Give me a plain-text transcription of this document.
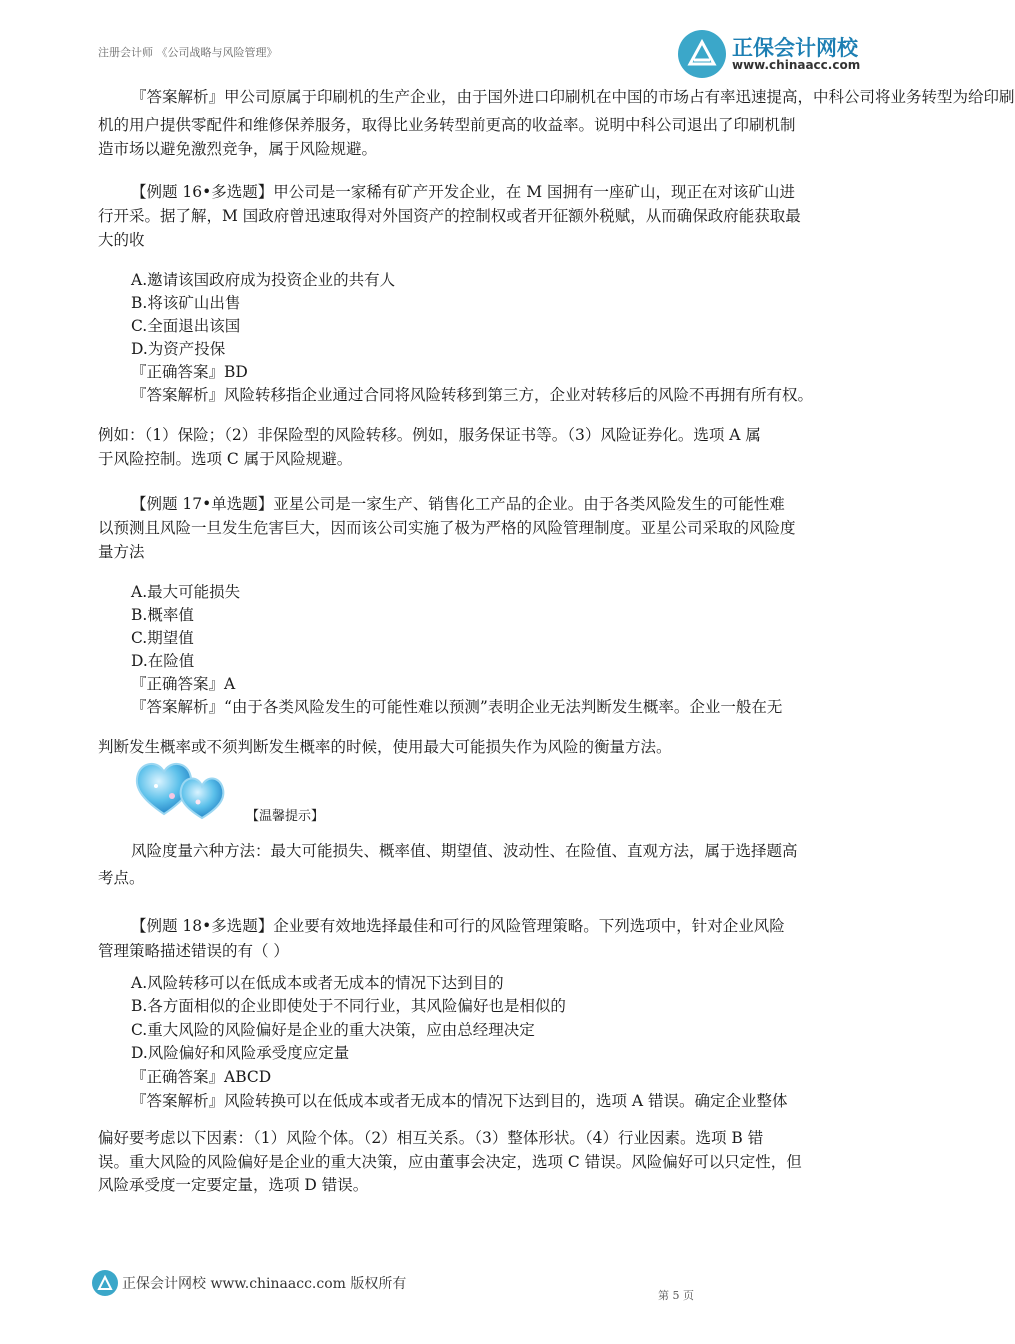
注册会计师 《公司战略与风险管理》	正保会计网校
www.chinaacc.com
『答案解析』甲公司原属于印刷机的生产企业，由于国外进口印刷机在中国的市场占有率迅速提高，中科公司将业务转型为给印刷
机的用户提供零配件和维修保养服务，取得比业务转型前更高的收益率。说明中科公司退出了印刷机制
造市场以避免激烈竞争，属于风险规避。
【例题 16•多选题】甲公司是一家稀有矿产开发企业，在 M 国拥有一座矿山，现正在对该矿山进
行开采。据了解，M 国政府曾迅速取得对外国资产的控制权或者开征额外税赋，从而确保政府能获取最
大的收
A.邀请该国政府成为投资企业的共有人
B.将该矿山出售
C.全面退出该国
D.为资产投保
『正确答案』BD
『答案解析』风险转移指企业通过合同将风险转移到第三方，企业对转移后的风险不再拥有所有权。
例如：（1）保险；（2）非保险型的风险转移。例如，服务保证书等。（3）风险证券化。选项 A 属
于风险控制。选项 C 属于风险规避。
【例题 17•单选题】亚星公司是一家生产、销售化工产品的企业。由于各类风险发生的可能性难
以预测且风险一旦发生危害巨大，因而该公司实施了极为严格的风险管理制度。亚星公司采取的风险度
量方法
A.最大可能损失
B.概率值
C.期望值
D.在险值
『正确答案』A
『答案解析』“由于各类风险发生的可能性难以预测”表明企业无法判断发生概率。企业一般在无
判断发生概率或不须判断发生概率的时候，使用最大可能损失作为风险的衡量方法。
【温馨提示】
风险度量六种方法：最大可能损失、概率值、期望值、波动性、在险值、直观方法，属于选择题高
考点。
【例题 18•多选题】企业要有效地选择最佳和可行的风险管理策略。下列选项中，针对企业风险
管理策略描述错误的有（ ）
A.风险转移可以在低成本或者无成本的情况下达到目的
B.各方面相似的企业即使处于不同行业，其风险偏好也是相似的
C.重大风险的风险偏好是企业的重大决策，应由总经理决定
D.风险偏好和风险承受度应定量
『正确答案』ABCD
『答案解析』风险转换可以在低成本或者无成本的情况下达到目的，选项 A 错误。确定企业整体
偏好要考虑以下因素：（1）风险个体。（2）相互关系。（3）整体形状。（4）行业因素。选项 B 错
误。重大风险的风险偏好是企业的重大决策，应由董事会决定，选项 C 错误。风险偏好可以只定性，但
风险承受度一定要定量，选项 D 错误。
正保会计网校 www.chinaacc.com 版权所有
第 5 页
